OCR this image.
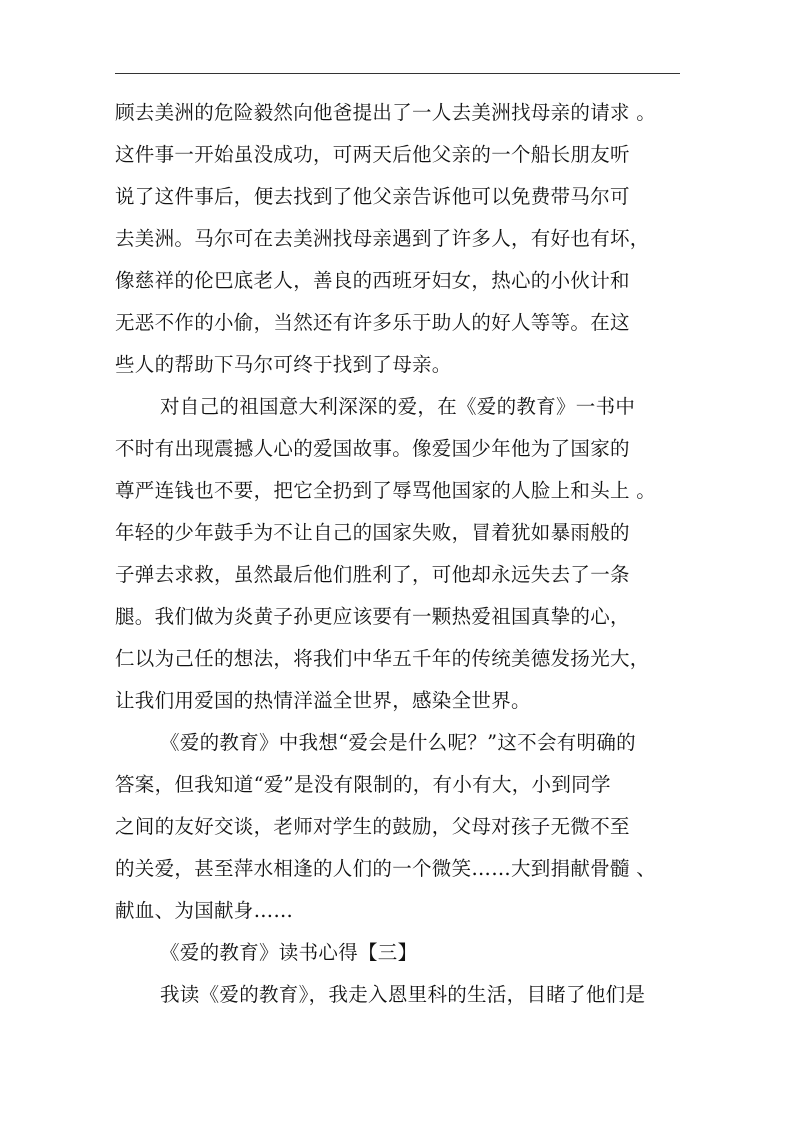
顾去美洲的危险毅然向他爸提出了一人去美洲找母亲的请求 。
这件事一开始虽没成功，可两天后他父亲的一个船长朋友听
说了这件事后，便去找到了他父亲告诉他可以免费带马尔可
去美洲。马尔可在去美洲找母亲遇到了许多人，有好也有坏，
像慈祥的伦巴底老人，善良的西班牙妇女，热心的小伙计和
无恶不作的小偷，当然还有许多乐于助人的好人等等。在这
些人的帮助下马尔可终于找到了母亲。
对自己的祖国意大利深深的爱，在《爱的教育》一书中
不时有出现震撼人心的爱国故事。像爱国少年他为了国家的
尊严连钱也不要，把它全扔到了辱骂他国家的人脸上和头上 。
年轻的少年鼓手为不让自己的国家失败，冒着犹如暴雨般的
子弹去求救，虽然最后他们胜利了，可他却永远失去了一条
腿。我们做为炎黄子孙更应该要有一颗热爱祖国真挚的心，
仁以为己任的想法，将我们中华五千年的传统美德发扬光大，
让我们用爱国的热情洋溢全世界，感染全世界。
《爱的教育》中我想“爱会是什么呢？”这不会有明确的
答案，但我知道“爱”是没有限制的，有小有大，小到同学
之间的友好交谈，老师对学生的鼓励，父母对孩子无微不至
的关爱，甚至萍水相逢的人们的一个微笑……大到捐献骨髓 、
献血、为国献身……
《爱的教育》读书心得【三】
我读《爱的教育》，我走入恩里科的生活，目睹了他们是
